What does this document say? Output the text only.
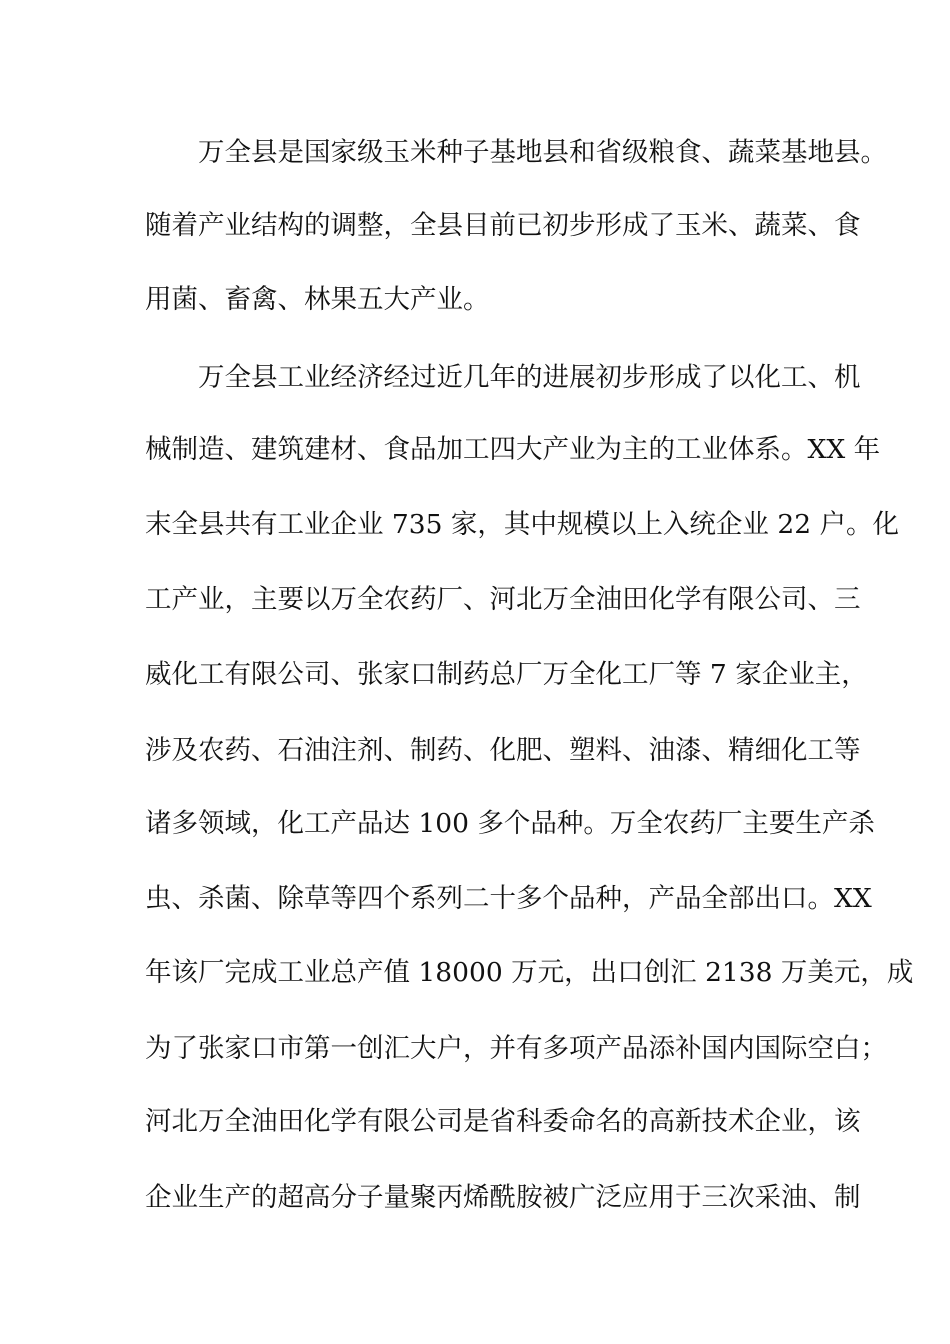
　　万全县是国家级玉米种子基地县和省级粮食、蔬菜基地县。
随着产业结构的调整，全县目前已初步形成了玉米、蔬菜、食
用菌、畜禽、林果五大产业。
　　万全县工业经济经过近几年的进展初步形成了以化工、机
械制造、建筑建材、食品加工四大产业为主的工业体系。XX 年
末全县共有工业企业 735 家，其中规模以上入统企业 22 户。化
工产业，主要以万全农药厂、河北万全油田化学有限公司、三
威化工有限公司、张家口制药总厂万全化工厂等 7 家企业主，
涉及农药、石油注剂、制药、化肥、塑料、油漆、精细化工等
诸多领域，化工产品达 100 多个品种。万全农药厂主要生产杀
虫、杀菌、除草等四个系列二十多个品种，产品全部出口。XX
年该厂完成工业总产值 18000 万元，出口创汇 2138 万美元，成
为了张家口市第一创汇大户，并有多项产品添补国内国际空白；
河北万全油田化学有限公司是省科委命名的高新技术企业，该
企业生产的超高分子量聚丙烯酰胺被广泛应用于三次采油、制
